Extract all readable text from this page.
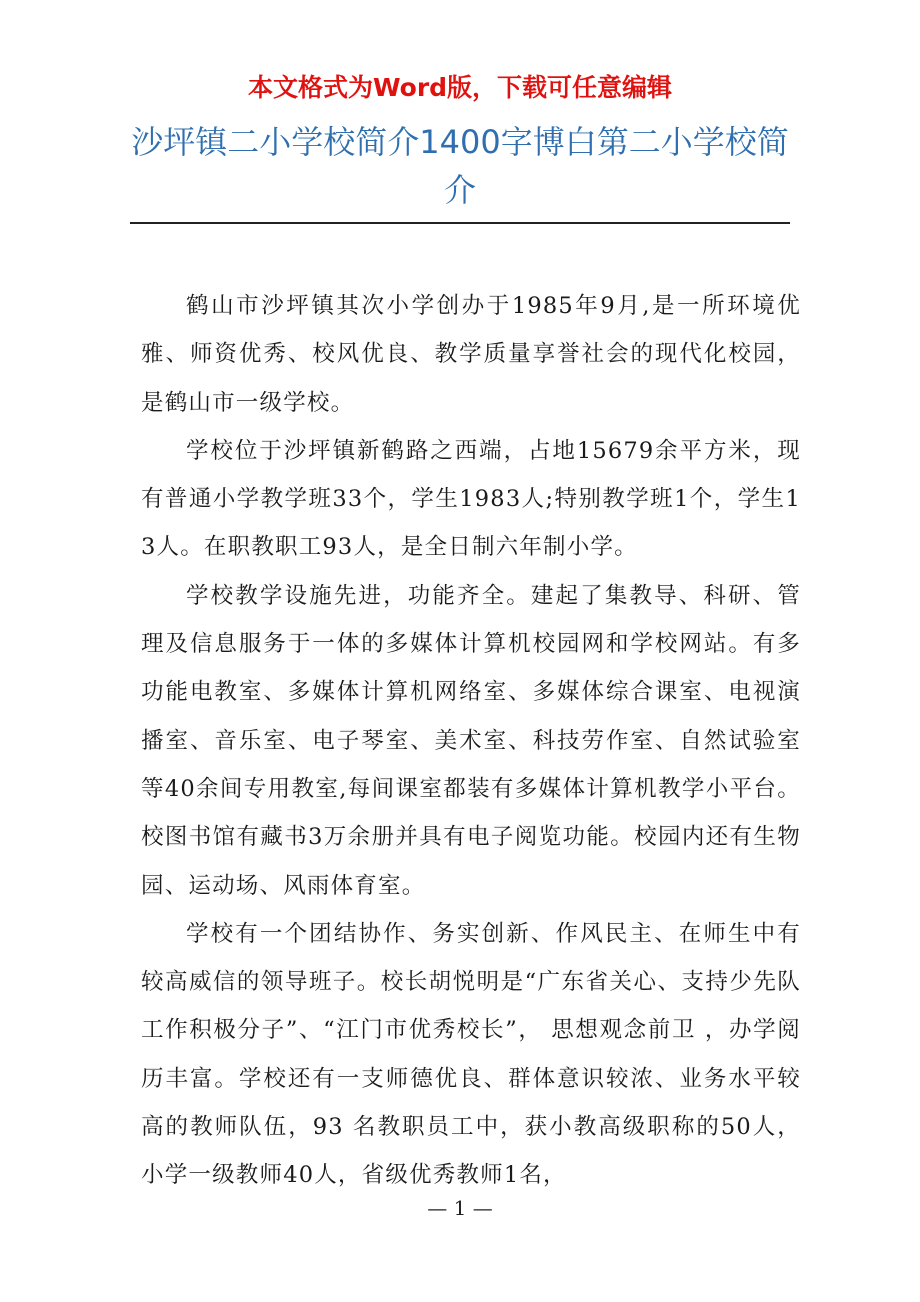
本文格式为Word版，下载可任意编辑
沙坪镇二小学校简介1400字博白第二小学校简介

鹤山市沙坪镇其次小学创办于1985年9月,是一所环境优雅、师资优秀、校风优良、教学质量享誉社会的现代化校园，是鹤山市一级学校。

学校位于沙坪镇新鹤路之西端，占地15679余平方米，现有普通小学教学班33个，学生1983人;特别教学班1个，学生13人。在职教职工93人，是全日制六年制小学。

学校教学设施先进，功能齐全。建起了集教导、科研、管理及信息服务于一体的多媒体计算机校园网和学校网站。有多功能电教室、多媒体计算机网络室、多媒体综合课室、电视演播室、音乐室、电子琴室、美术室、科技劳作室、自然试验室等40余间专用教室,每间课室都装有多媒体计算机教学小平台。校图书馆有藏书3万余册并具有电子阅览功能。校园内还有生物园、运动场、风雨体育室。

学校有一个团结协作、务实创新、作风民主、在师生中有较高威信的领导班子。校长胡悦明是“广东省关心、支持少先队工作积极分子”、“江门市优秀校长”， 思想观念前卫 ，办学阅历丰富。学校还有一支师德优良、群体意识较浓、业务水平较高的教师队伍，93 名教职员工中，获小教高级职称的50人，小学一级教师40人，省级优秀教师1名，

— 1 —
